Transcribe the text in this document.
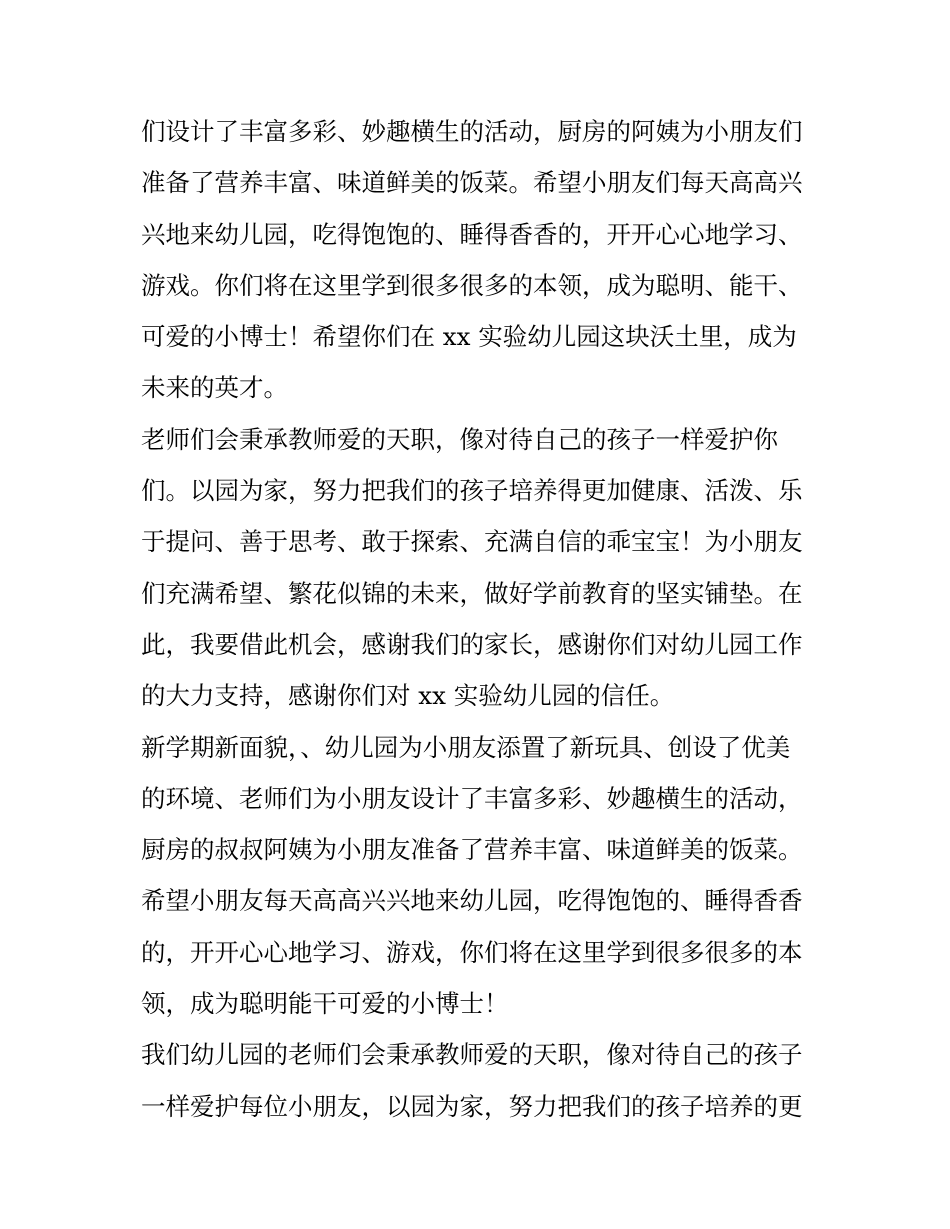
们设计了丰富多彩、妙趣横生的活动，厨房的阿姨为小朋友们
准备了营养丰富、味道鲜美的饭菜。希望小朋友们每天高高兴
兴地来幼儿园，吃得饱饱的、睡得香香的，开开心心地学习、
游戏。你们将在这里学到很多很多的本领，成为聪明、能干、
可爱的小博士！希望你们在 xx 实验幼儿园这块沃土里，成为
未来的英才。
老师们会秉承教师爱的天职，像对待自己的孩子一样爱护你
们。以园为家，努力把我们的孩子培养得更加健康、活泼、乐
于提问、善于思考、敢于探索、充满自信的乖宝宝！为小朋友
们充满希望、繁花似锦的未来，做好学前教育的坚实铺垫。在
此，我要借此机会，感谢我们的家长，感谢你们对幼儿园工作
的大力支持，感谢你们对 xx 实验幼儿园的信任。
新学期新面貌，、幼儿园为小朋友添置了新玩具、创设了优美
的环境、老师们为小朋友设计了丰富多彩、妙趣横生的活动，
厨房的叔叔阿姨为小朋友准备了营养丰富、味道鲜美的饭菜。
希望小朋友每天高高兴兴地来幼儿园，吃得饱饱的、睡得香香
的，开开心心地学习、游戏，你们将在这里学到很多很多的本
领，成为聪明能干可爱的小博士！
我们幼儿园的老师们会秉承教师爱的天职，像对待自己的孩子
一样爱护每位小朋友，以园为家，努力把我们的孩子培养的更
